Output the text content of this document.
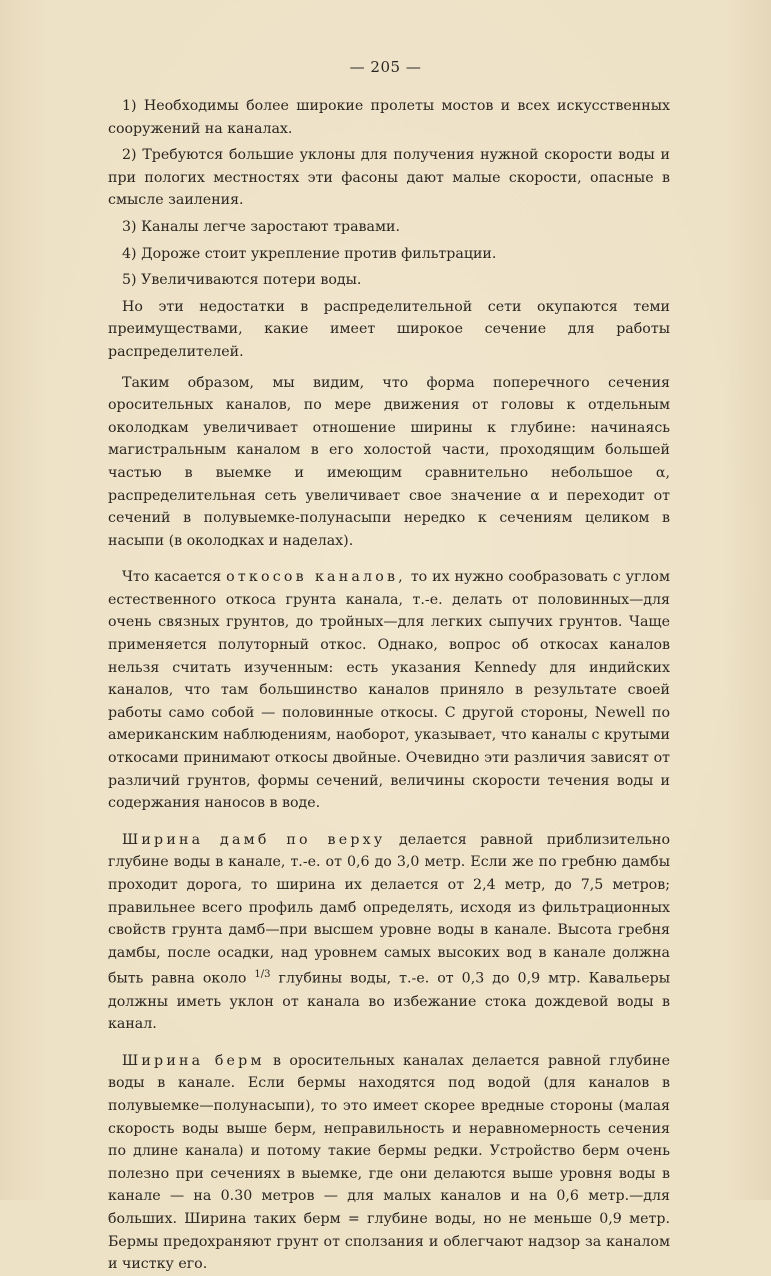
— 205 —

1) Необходимы более широкие пролеты мостов и всех искусственных сооружений на каналах.

2) Требуются большие уклоны для получения нужной скорости воды и при пологих местностях эти фасоны дают малые скорости, опасные в смысле заиления.

3) Каналы легче заростают травами.

4) Дороже стоит укрепление против фильтрации.

5) Увеличиваются потери воды.

Но эти недостатки в распределительной сети окупаются теми преимуществами, какие имеет широкое сечение для работы распределителей.

Таким образом, мы видим, что форма поперечного сечения оросительных каналов, по мере движения от головы к отдельным околодкам увеличивает отношение ширины к глубине: начинаясь магистральным каналом в его холостой части, проходящим большей частью в выемке и имеющим сравнительно небольшое α, распределительная сеть увеличивает свое значение α и переходит от сечений в полувыемке-полунасыпи нередко к сечениям целиком в насыпи (в околодках и наделах).

Что касается откосов каналов, то их нужно сообразовать с углом естественного откоса грунта канала, т.-е. делать от половинных—для очень связных грунтов, до тройных—для легких сыпучих грунтов. Чаще применяется полуторный откос. Однако, вопрос об откосах каналов нельзя считать изученным: есть указания Kennedy для индийских каналов, что там большинство каналов приняло в результате своей работы само собой — половинные откосы. С другой стороны, Newell по американским наблюдениям, наоборот, указывает, что каналы с крутыми откосами принимают откосы двойные. Очевидно эти различия зависят от различий грунтов, формы сечений, величины скорости течения воды и содержания наносов в воде.

Ширина дамб по верху делается равной приблизительно глубине воды в канале, т.-е. от 0,6 до 3,0 метр. Если же по гребню дамбы проходит дорога, то ширина их делается от 2,4 метр, до 7,5 метров; правильнее всего профиль дамб определять, исходя из фильтрационных свойств грунта дамб—при высшем уровне воды в канале. Высота гребня дамбы, после осадки, над уровнем самых высоких вод в канале должна быть равна около $^{1/3}$ глубины воды, т.-е. от 0,3 до 0,9 мтр. Кавальеры должны иметь уклон от канала во избежание стока дождевой воды в канал.

Ширина берм в оросительных каналах делается равной глубине воды в канале. Если бермы находятся под водой (для каналов в полувыемке—полунасыпи), то это имеет скорее вредные стороны (малая скорость воды выше берм, неправильность и неравномерность сечения по длине канала) и потому такие бермы редки. Устройство берм очень полезно при сечениях в выемке, где они делаются выше уровня воды в канале — на 0.30 метров — для малых каналов и на 0,6 метр.—для больших. Ширина таких берм = глубине воды, но не меньше 0,9 метр. Бермы предохраняют грунт от сползания и облегчают надзор за каналом и чистку его.
